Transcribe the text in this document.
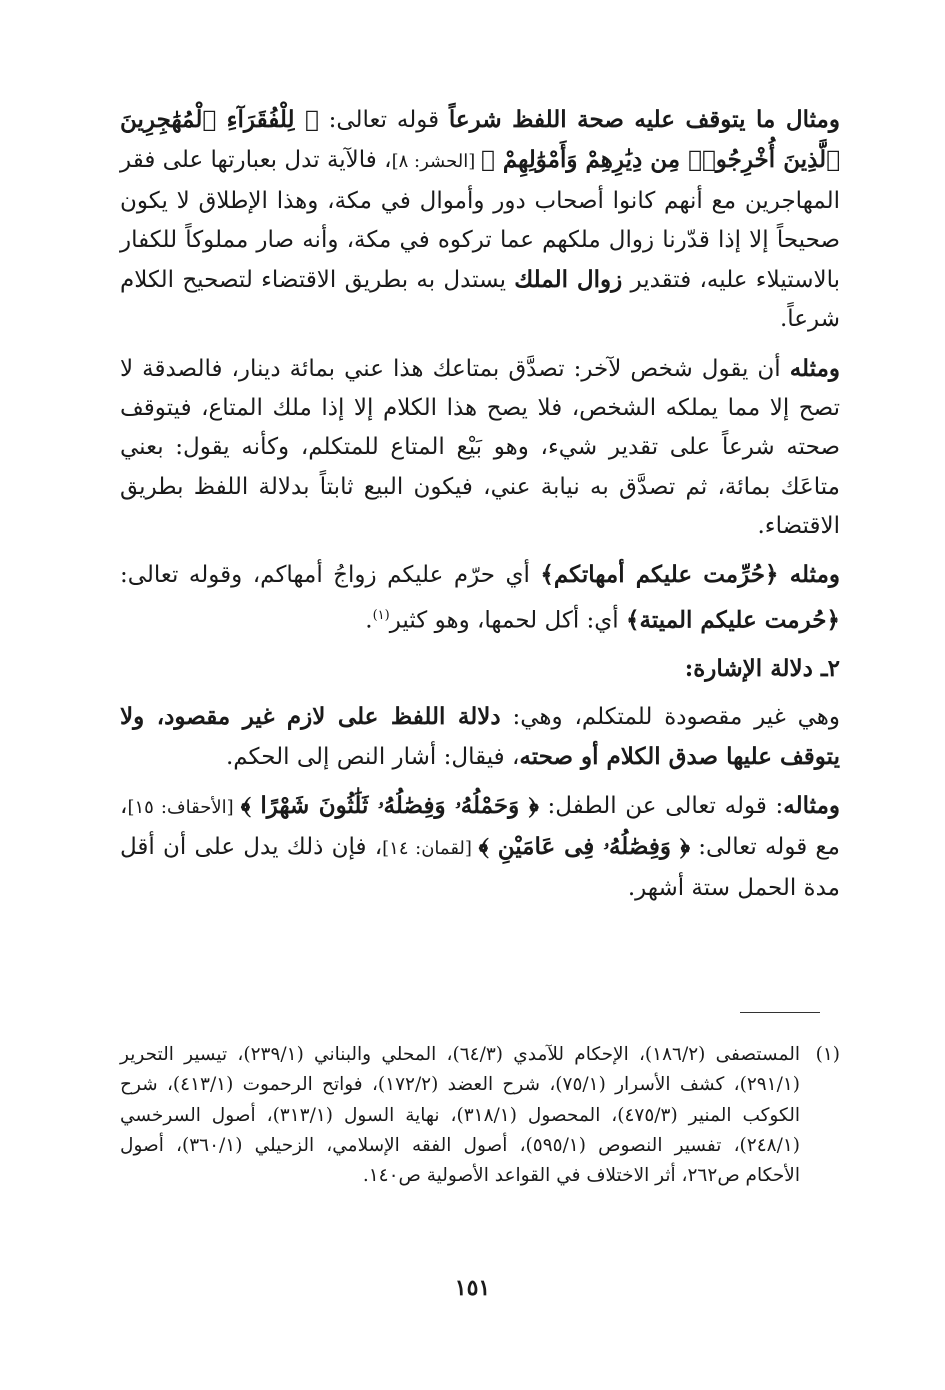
ومثال ما يتوقف عليه صحة اللفظ شرعاً قوله تعالى: ﴿ لِلْفُقَرَآءِ ٱلْمُهَٰجِرِينَ ٱلَّذِينَ أُخْرِجُوا۟ مِن دِيَٰرِهِمْ وَأَمْوَٰلِهِمْ ﴾ [الحشر: ٨]، فالآية تدل بعبارتها على فقر المهاجرين مع أنهم كانوا أصحاب دور وأموال في مكة، وهذا الإطلاق لا يكون صحيحاً إلا إذا قدّرنا زوال ملكهم عما تركوه في مكة، وأنه صار مملوكاً للكفار بالاستيلاء عليه، فتقدير زوال الملك يستدل به بطريق الاقتضاء لتصحيح الكلام شرعاً.

ومثله أن يقول شخص لآخر: تصدَّق بمتاعك هذا عني بمائة دينار، فالصدقة لا تصح إلا مما يملكه الشخص، فلا يصح هذا الكلام إلا إذا ملك المتاع، فيتوقف صحته شرعاً على تقدير شيء، وهو بَيْع المتاع للمتكلم، وكأنه يقول: بعني متاعَك بمائة، ثم تصدَّق به نيابة عني، فيكون البيع ثابتاً بدلالة اللفظ بطريق الاقتضاء.

ومثله ﴿حُرِّمت عليكم أمهاتكم﴾ أي حرّم عليكم زواجُ أمهاكم، وقوله تعالى: ﴿حُرمت عليكم الميتة﴾ أي: أكل لحمها، وهو كثير$^{(١)}$.

٢ـ دلالة الإشارة:

وهي غير مقصودة للمتكلم، وهي: دلالة اللفظ على لازم غير مقصود، ولا يتوقف عليها صدق الكلام أو صحته، فيقال: أشار النص إلى الحكم.

ومثاله: قوله تعالى عن الطفل: ﴿ وَحَمْلُهُۥ وَفِصَٰلُهُۥ ثَلَٰثُونَ شَهْرًا ﴾ [الأحقاف: ١٥]، مع قوله تعالى: ﴿ وَفِصَٰلُهُۥ فِى عَامَيْنِ ﴾ [لقمان: ١٤]، فإن ذلك يدل على أن أقل مدة الحمل ستة أشهر.

(١)
المستصفى (١٨٦/٢)، الإحكام للآمدي (٦٤/٣)، المحلي والبناني (٢٣٩/١)، تيسير التحرير (٢٩١/١)، كشف الأسرار (٧٥/١)، شرح العضد (١٧٢/٢)، فواتح الرحموت (٤١٣/١)، شرح الكوكب المنير (٤٧٥/٣)، المحصول (٣١٨/١)، نهاية السول (٣١٣/١)، أصول السرخسي (٢٤٨/١)، تفسير النصوص (٥٩٥/١)، أصول الفقه الإسلامي، الزحيلي (٣٦٠/١)، أصول الأحكام ص٢٦٢، أثر الاختلاف في القواعد الأصولية ص١٤٠.
١٥١
